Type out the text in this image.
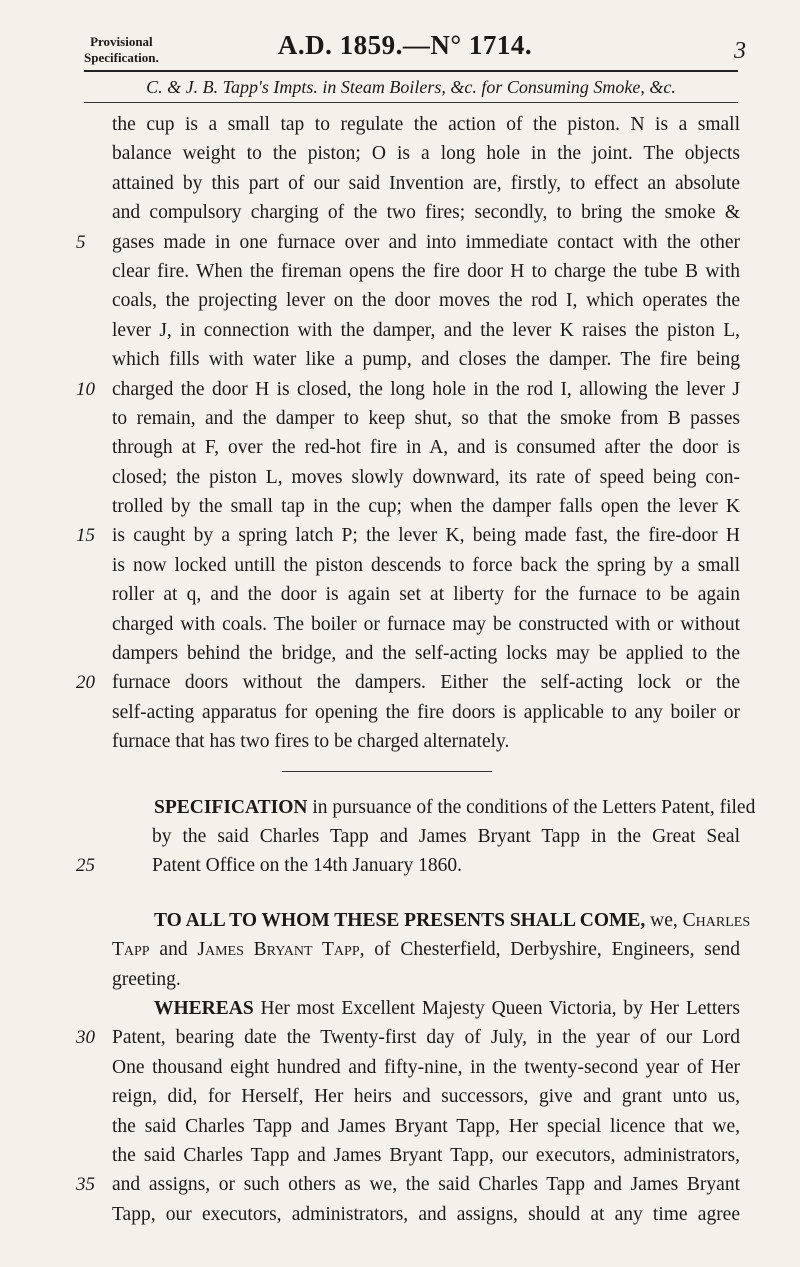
Provisional
Specification.	A.D. 1859.—N° 1714.	3
C. & J. B. Tapp's Impts. in Steam Boilers, &c. for Consuming Smoke, &c.
the cup is a small tap to regulate the action of the piston. N is a small
balance weight to the piston; O is a long hole in the joint. The objects
attained by this part of our said Invention are, firstly, to effect an absolute
and compulsory charging of the two fires; secondly, to bring the smoke &
5	gases made in one furnace over and into immediate contact with the other
clear fire. When the fireman opens the fire door H to charge the tube B with
coals, the projecting lever on the door moves the rod I, which operates the
lever J, in connection with the damper, and the lever K raises the piston L,
which fills with water like a pump, and closes the damper. The fire being
10 charged the door H is closed, the long hole in the rod I, allowing the lever J
to remain, and the damper to keep shut, so that the smoke from B passes
through at F, over the red-hot fire in A, and is consumed after the door is
closed; the piston L, moves slowly downward, its rate of speed being con-
trolled by the small tap in the cup; when the damper falls open the lever K
15 is caught by a spring latch P; the lever K, being made fast, the fire-door H
is now locked untill the piston descends to force back the spring by a small
roller at q, and the door is again set at liberty for the furnace to be again
charged with coals. The boiler or furnace may be constructed with or without
dampers behind the bridge, and the self-acting locks may be applied to the
20 furnace doors without the dampers. Either the self-acting lock or the
self-acting apparatus for opening the fire doors is applicable to any boiler or
furnace that has two fires to be charged alternately.
SPECIFICATION in pursuance of the conditions of the Letters Patent, filed
by the said Charles Tapp and James Bryant Tapp in the Great Seal
25	Patent Office on the 14th January 1860.
TO ALL TO WHOM THESE PRESENTS SHALL COME, we, Charles
Tapp and James Bryant Tapp, of Chesterfield, Derbyshire, Engineers, send
greeting.
WHEREAS Her most Excellent Majesty Queen Victoria, by Her Letters
30 Patent, bearing date the Twenty-first day of July, in the year of our Lord
One thousand eight hundred and fifty-nine, in the twenty-second year of Her
reign, did, for Herself, Her heirs and successors, give and grant unto us,
the said Charles Tapp and James Bryant Tapp, Her special licence that we,
the said Charles Tapp and James Bryant Tapp, our executors, administrators,
35 and assigns, or such others as we, the said Charles Tapp and James Bryant
Tapp, our executors, administrators, and assigns, should at any time agree
